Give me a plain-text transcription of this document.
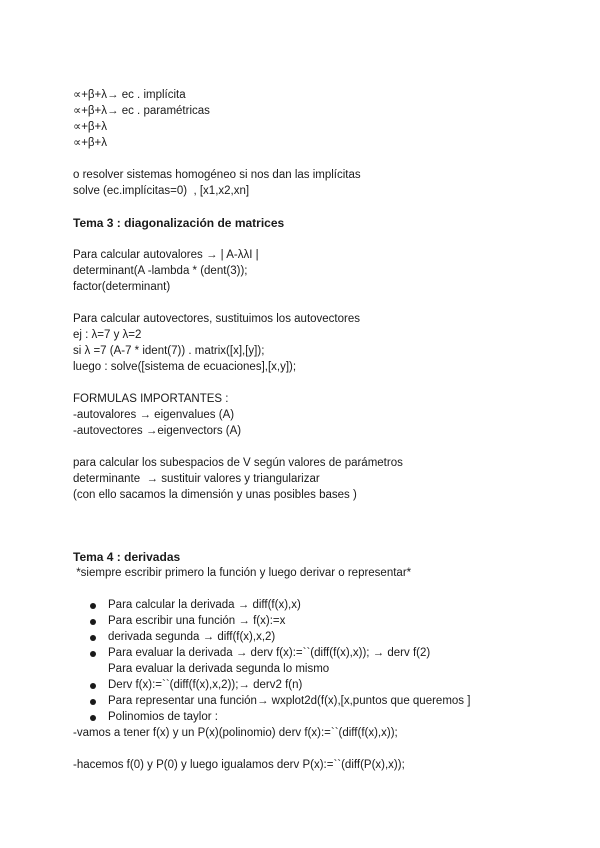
∝+β+λ→ ec . implícita
∝+β+λ→ ec . paramétricas
∝+β+λ
∝+β+λ
o resolver sistemas homogéneo si nos dan las implícitas
solve (ec.implícitas=0)  , [x1,x2,xn]
Tema 3 : diagonalización de matrices
Para calcular autovalores → | A-λλI |
determinant(A -lambda * (dent(3));
factor(determinant)
Para calcular autovectores, sustituimos los autovectores
ej : λ=7 y λ=2
si λ =7 (A-7 * ident(7)) . matrix([x],[y]);
luego : solve([sistema de ecuaciones],[x,y]);
FORMULAS IMPORTANTES :
-autovalores → eigenvalues (A)
-autovectores →eigenvectors (A)
para calcular los subespacios de V según valores de parámetros
determinante  → sustituir valores y triangularizar
(con ello sacamos la dimensión y unas posibles bases )
Tema 4 : derivadas
*siempre escribir primero la función y luego derivar o representar*
Para calcular la derivada → diff(f(x),x)
Para escribir una función → f(x):=x
derivada segunda → diff(f(x),x,2)
Para evaluar la derivada → derv f(x):=``(diff(f(x),x)); → derv f(2)
Para evaluar la derivada segunda lo mismo
Derv f(x):=``(diff(f(x),x,2));→ derv2 f(n)
Para representar una función→ wxplot2d(f(x),[x,puntos que queremos ]
Polinomios de taylor :
-vamos a tener f(x) y un P(x)(polinomio) derv f(x):=``(diff(f(x),x));
-hacemos f(0) y P(0) y luego igualamos derv P(x):=``(diff(P(x),x));
